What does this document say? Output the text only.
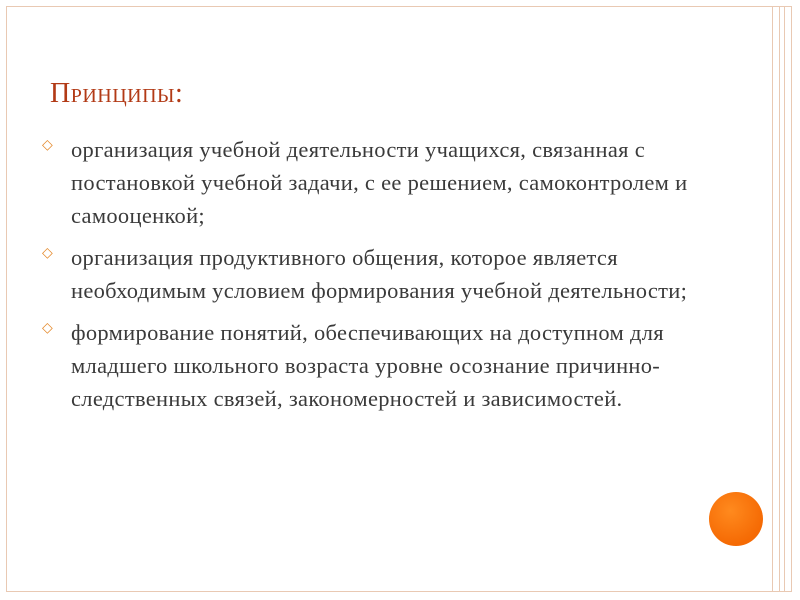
Принципы:
◇ организация учебной деятельности учащихся, связанная с постановкой учебной задачи, с ее решением, самоконтролем и самооценкой;
◇ организация продуктивного общения, которое является необходимым условием формирования учебной деятельности;
◇ формирование понятий, обеспечивающих на доступном для младшего школьного возраста уровне осознание причинно-следственных связей, закономерностей и зависимостей.
